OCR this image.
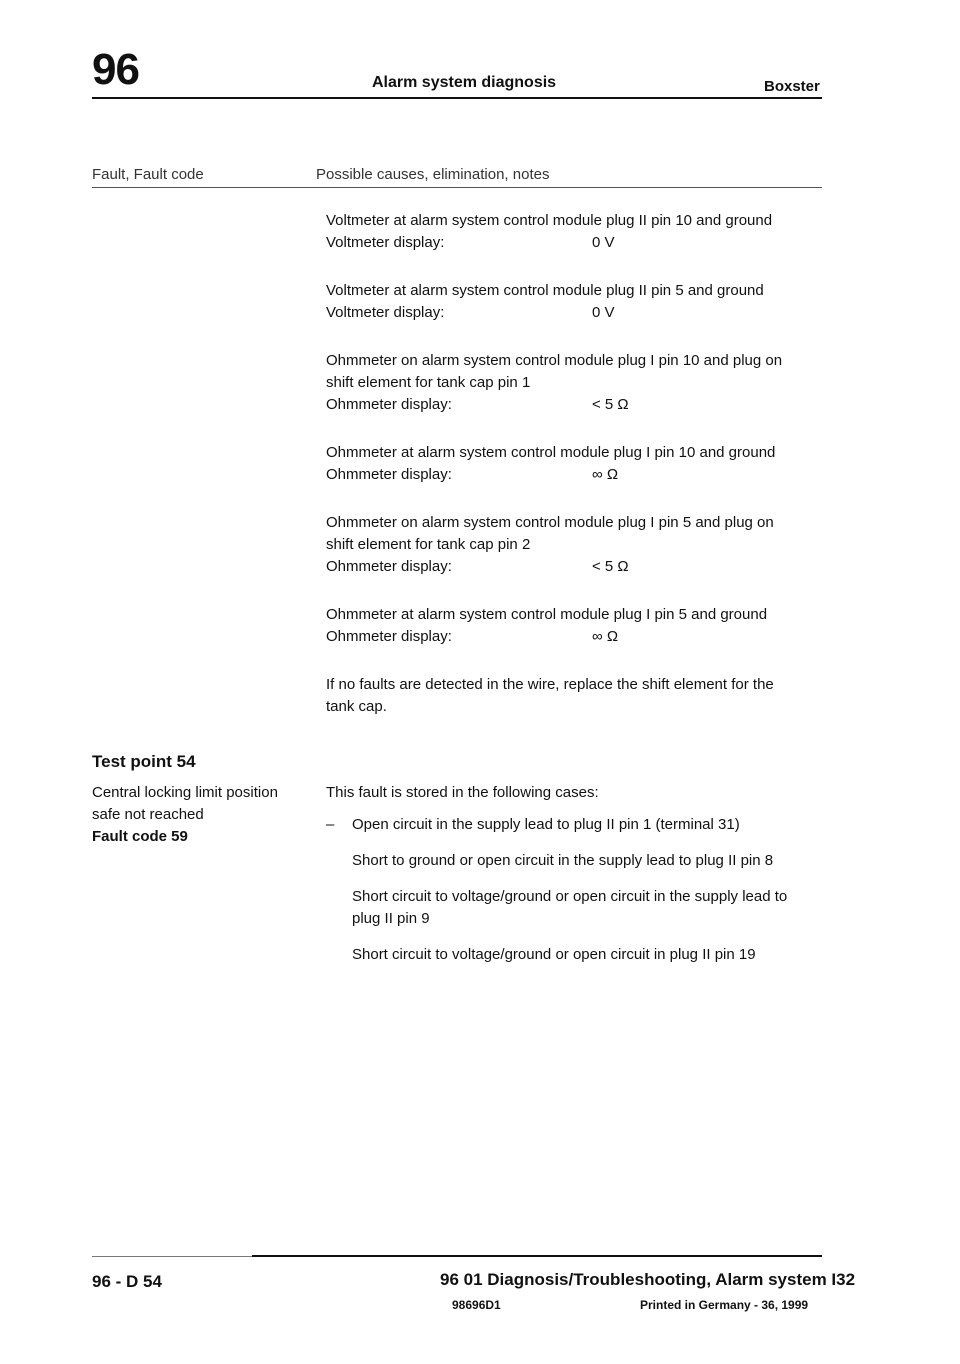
96	Alarm system diagnosis	Boxster
Fault, Fault code	Possible causes, elimination, notes
Voltmeter at alarm system control module plug II pin 10 and ground
Voltmeter display:	0 V
Voltmeter at alarm system control module plug II pin 5 and ground
Voltmeter display:	0 V
Ohmmeter on alarm system control module plug I pin 10 and plug on
shift element for tank cap pin 1
Ohmmeter display:	< 5 Ω
Ohmmeter at alarm system control module plug I pin 10 and ground
Ohmmeter display:	∞ Ω
Ohmmeter on alarm system control module plug I pin 5 and plug on
shift element for tank cap pin 2
Ohmmeter display:	< 5 Ω
Ohmmeter at alarm system control module plug I pin 5 and ground
Ohmmeter display:	∞ Ω
If no faults are detected in the wire, replace the shift element for the
tank cap.
Test point 54
Central locking limit position
safe not reached
Fault code 59
This fault is stored in the following cases:
–	Open circuit in the supply lead to plug II pin 1 (terminal 31)
Short to ground or open circuit in the supply lead to plug II pin 8
Short circuit to voltage/ground or open circuit in the supply lead to
plug II pin 9
Short circuit to voltage/ground or open circuit in plug II pin 19
96 - D 54	96 01 Diagnosis/Troubleshooting, Alarm system I32
98696D1	Printed in Germany - 36, 1999
